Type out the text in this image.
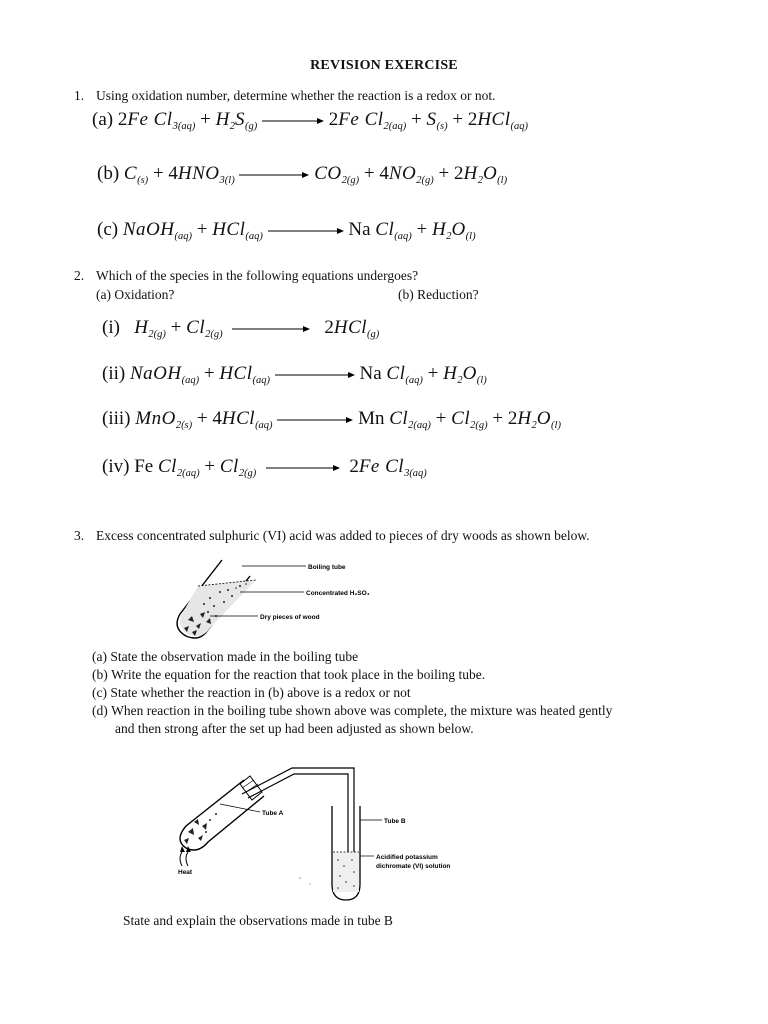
REVISION EXERCISE
1. Using oxidation number, determine whether the reaction is a redox or not.
(a) 2Fe $Cl_{3(aq)} + H_2S_{(g)} \to 2Fe$ $Cl_{2(aq)} + S_{(s)} + 2HCl_{(aq)}$
(b) $C_{(s)} + 4HNO_{3(l)} \to CO_{2(g)} + 4NO_{2(g)} + 2H_2O_{(l)}$
(c) NaOH$_{(aq)}$ + HCl$_{(aq)}$ → Na $Cl_{(aq)} + H_2O_{(l)}$
2. Which of the species in the following equations undergoes?
(a) Oxidation?	(b) Reduction?
(i) $H_{2(g)} + Cl_{2(g)}$	2HCl$_{(g)}$
(ii) NaOH$_{(aq)}$ + HCl$_{(aq)}$	Na $Cl_{(aq)} + H_2O_{(l)}$
(iii) MnO$_{2(s)}$ + 4HCl$_{(aq)}$ → Mn $Cl_{2(aq)} + Cl_{2(g)} + 2H_2O_{(l)}$
(iv) Fe $Cl_{2(aq)} + Cl_{2(g)} \to 2Fe$ $Cl_{3(aq)}$
3. Excess concentrated sulphuric (VI) acid was added to pieces of dry woods as shown below.
Boiling tube
Concentrated H₂SO₄
Dry pieces of wood
(a) State the observation made in the boiling tube
(b) Write the equation for the reaction that took place in the boiling tube.
(c) State whether the reaction in (b) above is a redox or not
(d) When reaction in the boiling tube shown above was complete, the mixture was heated gently
and then strong after the set up had been adjusted as shown below.
Tube A
Tube B
Acidified potassium
dichromate (VI) solution
Heat
State and explain the observations made in tube B
